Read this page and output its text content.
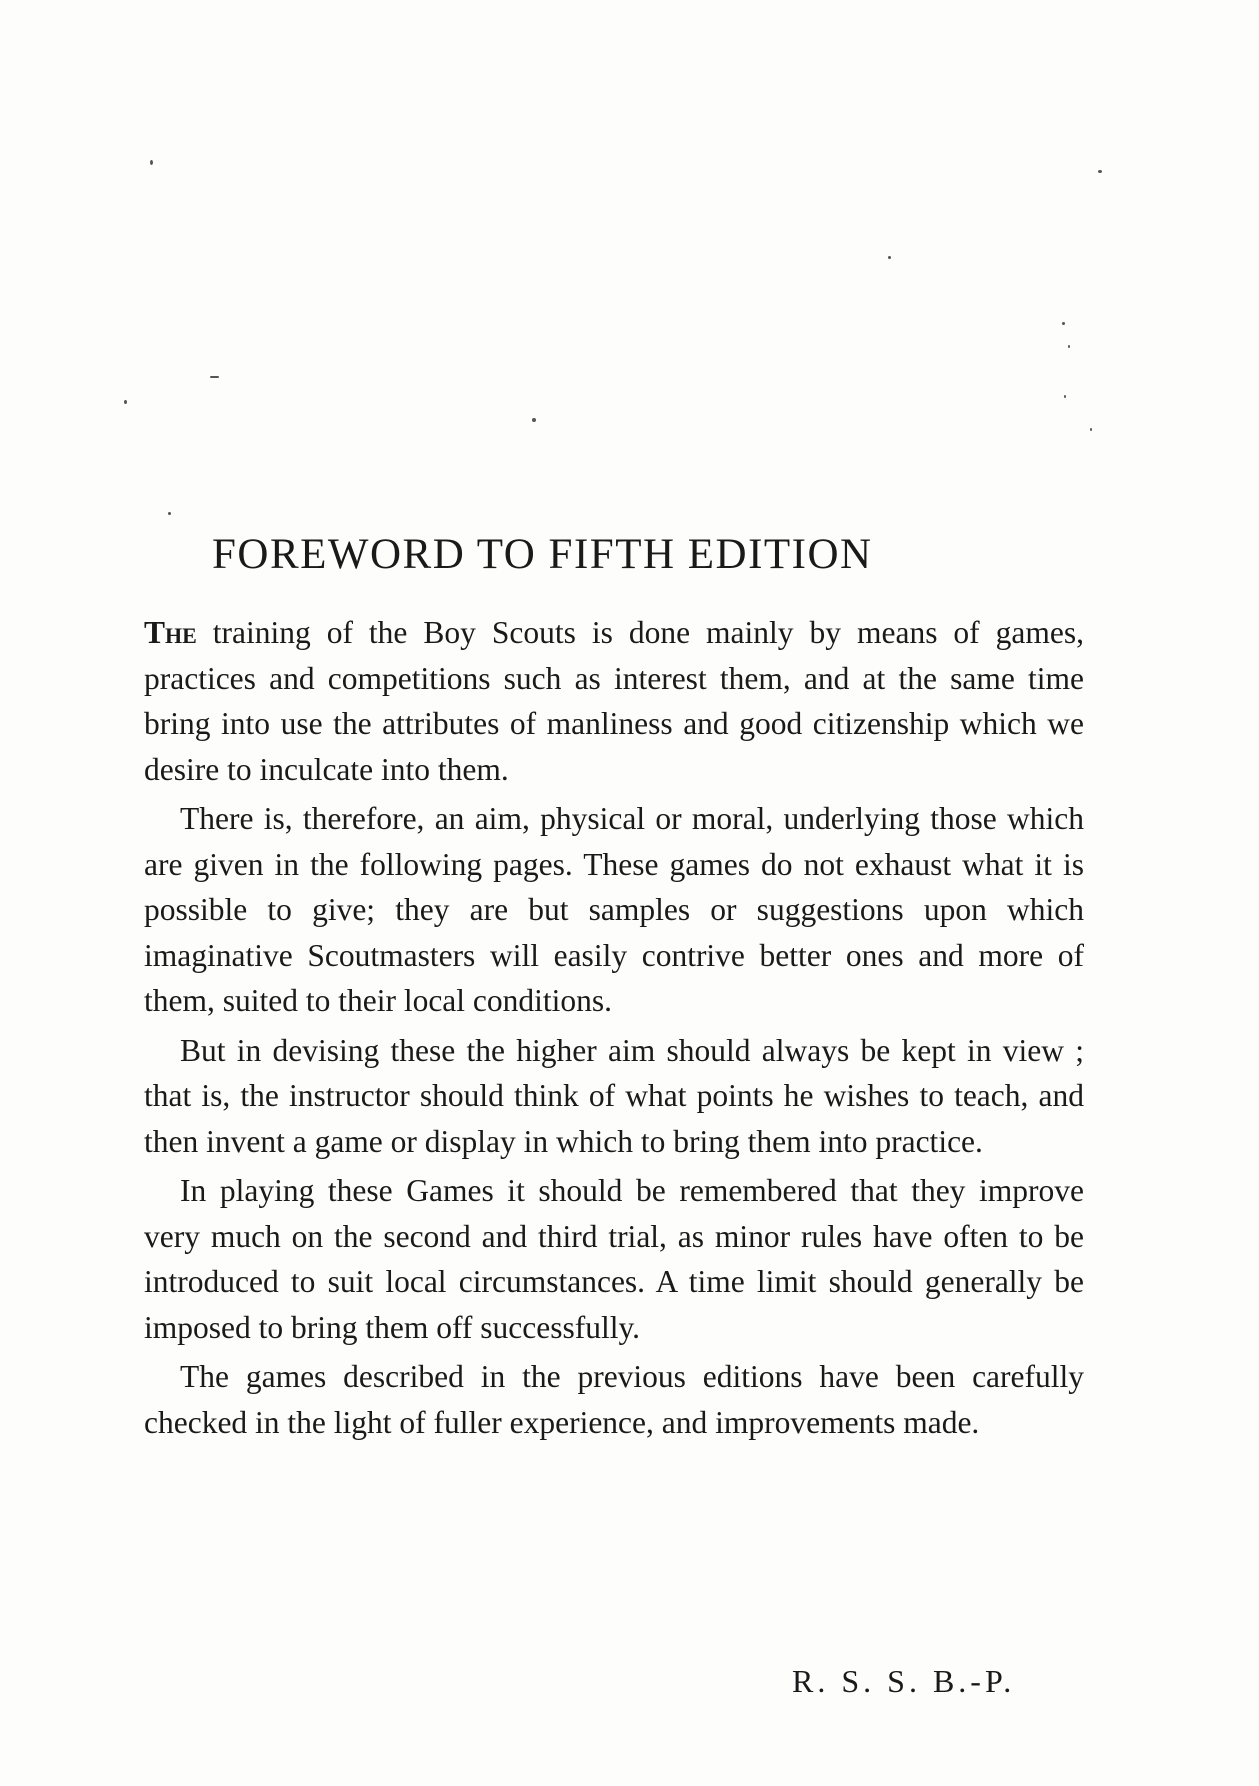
FOREWORD TO FIFTH EDITION

The training of the Boy Scouts is done mainly by means of games, practices and competitions such as interest them, and at the same time bring into use the attributes of manliness and good citizenship which we desire to inculcate into them.

There is, therefore, an aim, physical or moral, underlying those which are given in the following pages. These games do not exhaust what it is possible to give; they are but samples or suggestions upon which imaginative Scoutmasters will easily contrive better ones and more of them, suited to their local conditions.

But in devising these the higher aim should always be kept in view ; that is, the instructor should think of what points he wishes to teach, and then invent a game or display in which to bring them into practice.

In playing these Games it should be remembered that they improve very much on the second and third trial, as minor rules have often to be introduced to suit local circumstances. A time limit should generally be imposed to bring them off successfully.

The games described in the previous editions have been carefully checked in the light of fuller experience, and improvements made.

R. S. S. B.-P.
